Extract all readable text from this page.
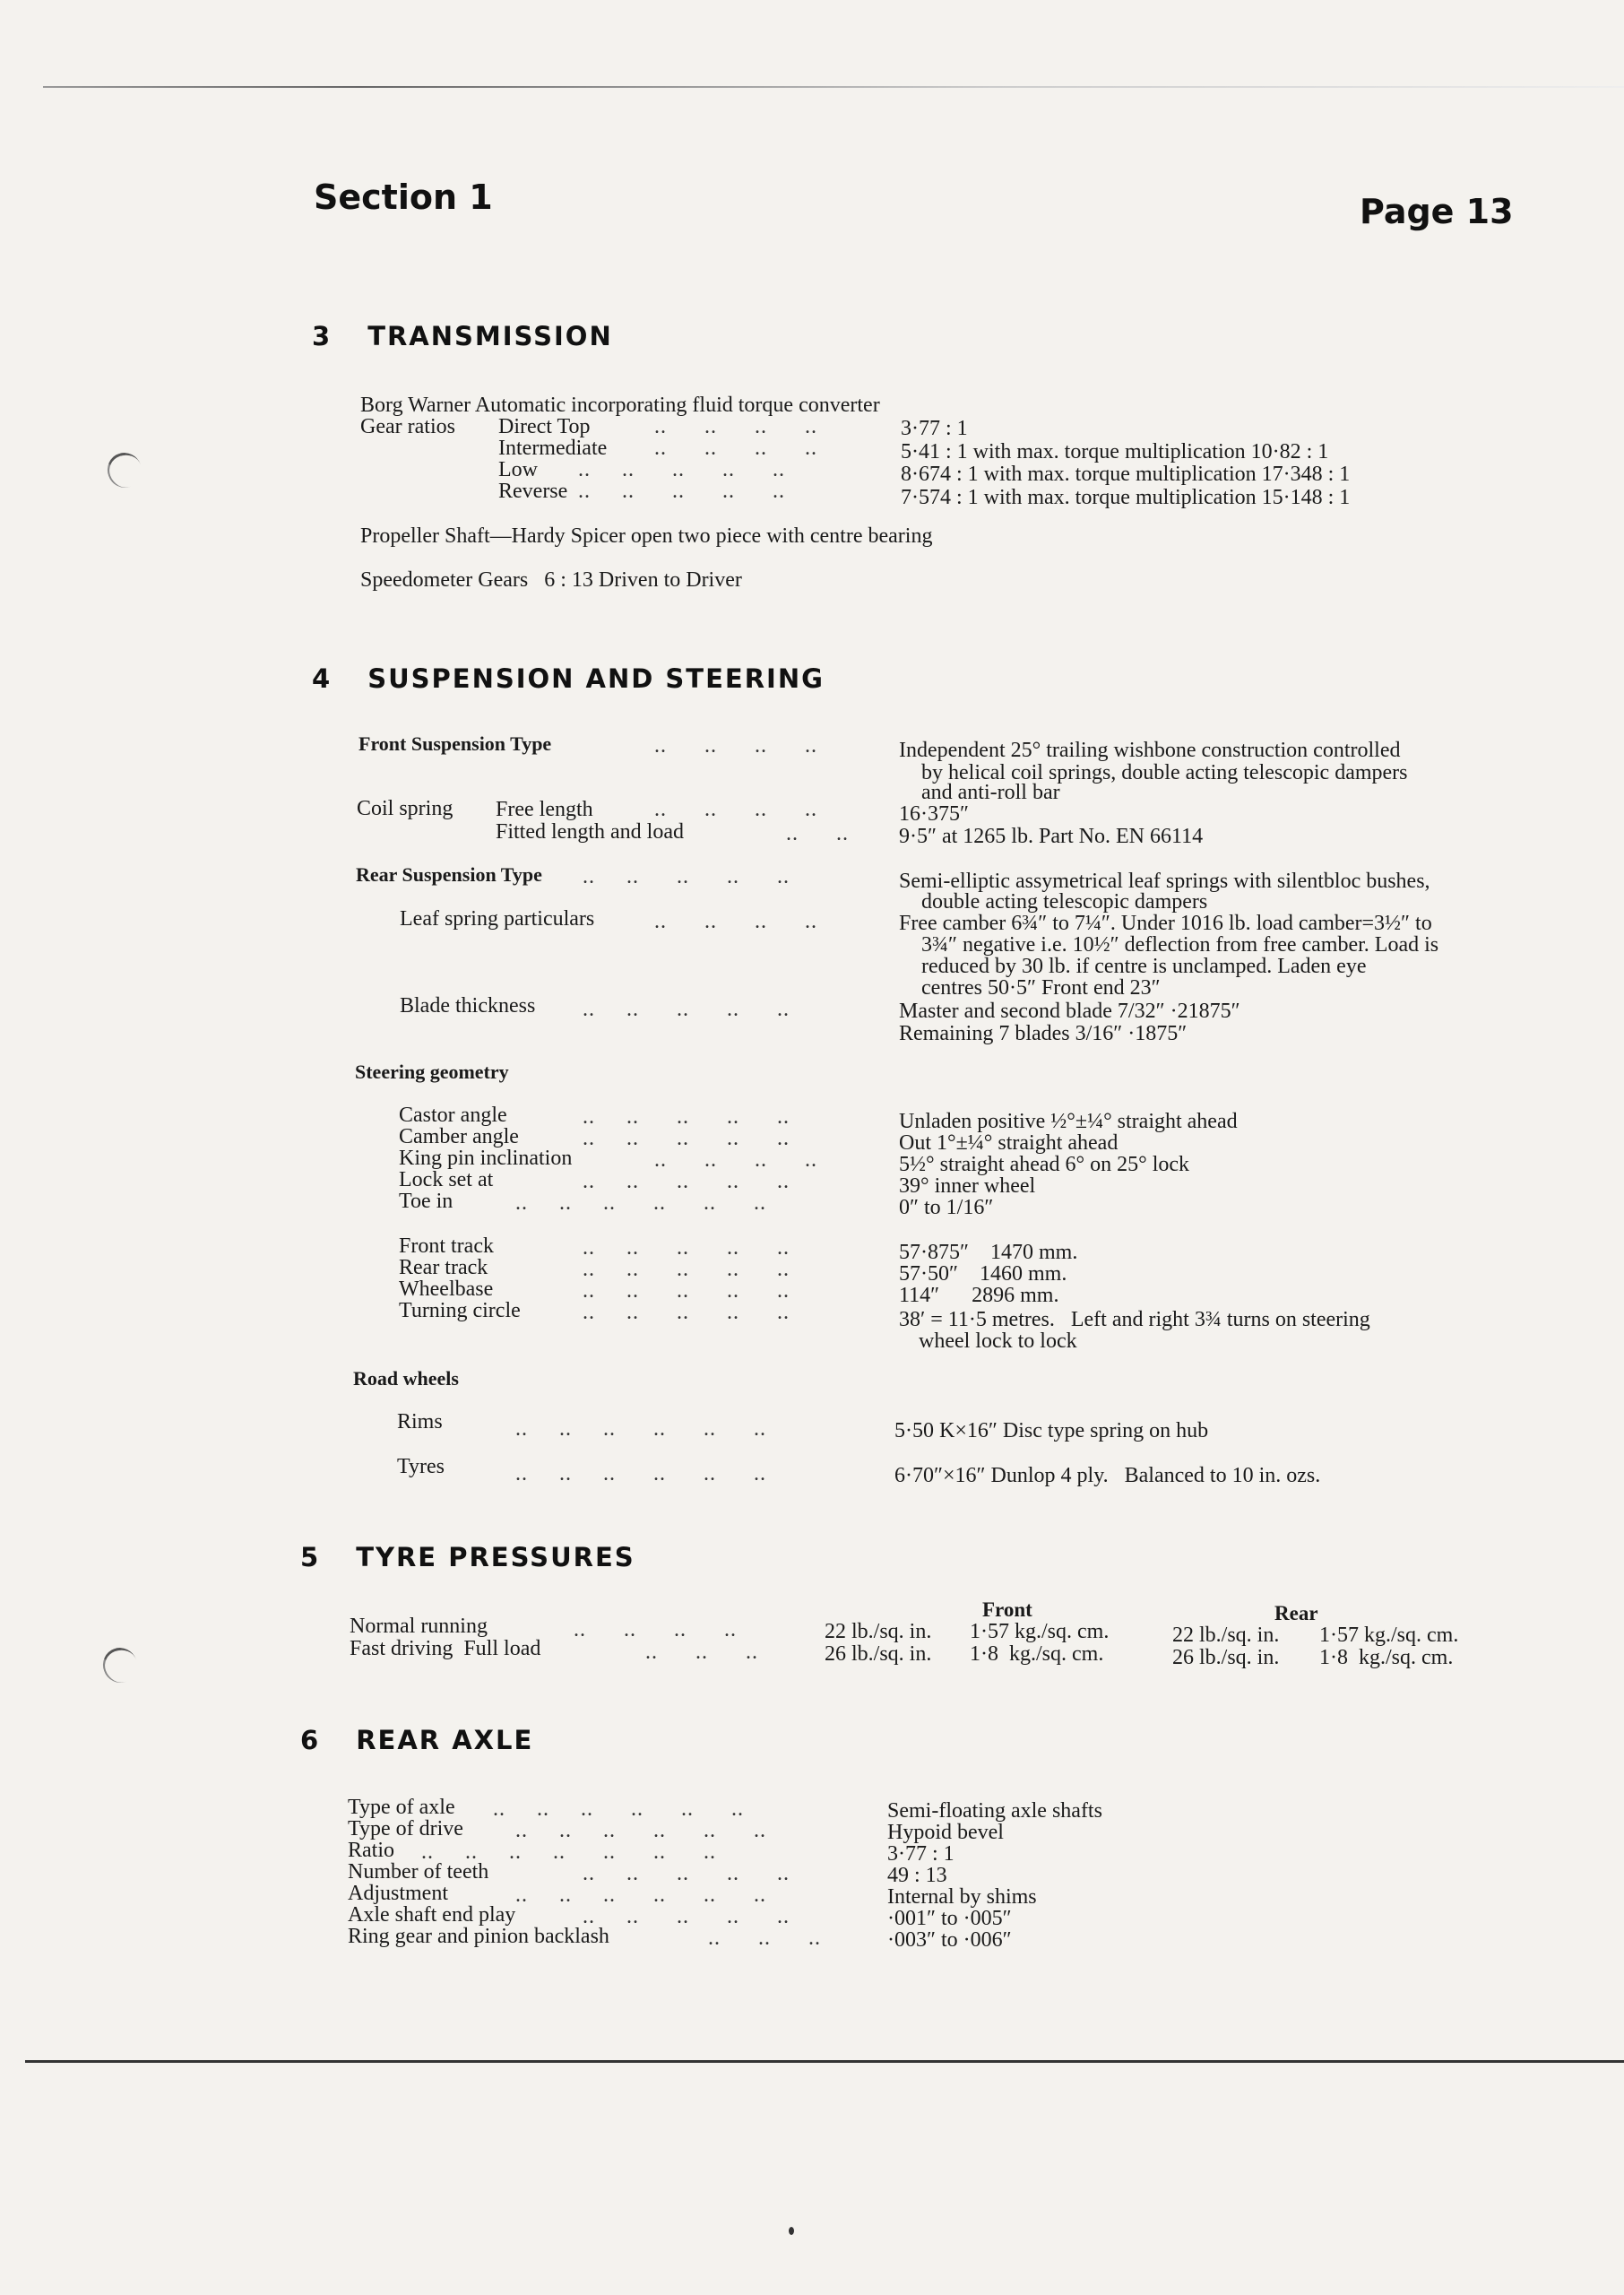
Section 1	Page 13
3 TRANSMISSION
Borg Warner Automatic incorporating fluid torque converter
Gear ratios Direct Top	..      ..      ..      ..	3·77 : 1
Intermediate ..      ..      ..      ..	5·41 : 1 with max. torque multiplication 10·82 : 1
Low ..     ..      ..      ..      ..	8·674 : 1 with max. torque multiplication 17·348 : 1
Reverse ..     ..      ..      ..      ..	7·574 : 1 with max. torque multiplication 15·148 : 1
Propeller Shaft—Hardy Spicer open two piece with centre bearing
Speedometer Gears   6 : 13 Driven to Driver
4 SUSPENSION AND STEERING
Front Suspension Type	..      ..      ..      ..	Independent 25° trailing wishbone construction controlled
by helical coil springs, double acting telescopic dampers
and anti-roll bar
Coil spring Free length	..      ..      ..      ..	16·375″
Fitted length and load	..      .. 9·5″ at 1265 lb. Part No. EN 66114
Rear Suspension Type ..     ..      ..      ..      ..	Semi-elliptic assymetrical leaf springs with silentbloc bushes,
double acting telescopic dampers
Leaf spring particulars	..      ..      ..      ..	Free camber 6¾″ to 7¼″. Under 1016 lb. load camber=3½″ to
3¾″ negative i.e. 10½″ deflection from free camber. Load is
reduced by 30 lb. if centre is unclamped. Laden eye
centres 50·5″ Front end 23″
Blade thickness ..     ..      ..      ..      ..	Master and second blade 7/32″ ·21875″
Remaining 7 blades 3/16″ ·1875″
Steering geometry
Castor angle	..     ..      ..      ..      ..	Unladen positive ½°±¼° straight ahead
Camber angle	..     ..      ..      ..      ..	Out 1°±¼° straight ahead
King pin inclination	..      ..      ..      ..	5½° straight ahead 6° on 25° lock
Lock set at	..     ..      ..      ..      ..	39° inner wheel
Toe in	..     ..     ..      ..      ..      ..	0″ to 1/16″
Front track	..     ..      ..      ..      ..	57·875″    1470 mm.
Rear track	..     ..      ..      ..      ..	57·50″    1460 mm.
Wheelbase	..     ..      ..      ..      ..	114″      2896 mm.
Turning circle	..     ..      ..      ..      ..	38′ = 11·5 metres.   Left and right 3¾ turns on steering
wheel lock to lock
Road wheels
Rims	..     ..     ..      ..      ..      ..	5·50 K×16″ Disc type spring on hub
Tyres	..     ..     ..      ..      ..      ..	6·70″×16″ Dunlop 4 ply.   Balanced to 10 in. ozs.
5 TYRE PRESSURES
Front	Rear
Normal running	..      ..      ..      ..	22 lb./sq. in. 1·57 kg./sq. cm.	22 lb./sq. in. 1·57 kg./sq. cm.
Fast driving  Full load	..      ..      ..	26 lb./sq. in. 1·8  kg./sq. cm.	26 lb./sq. in. 1·8  kg./sq. cm.
6 REAR AXLE
Type of axle ..     ..     ..      ..      ..      ..	Semi-floating axle shafts
Type of drive ..     ..     ..      ..      ..      ..	Hypoid bevel
Ratio ..     ..     ..     ..      ..      ..      ..	3·77 : 1
Number of teeth	..     ..      ..      ..      ..	49 : 13
Adjustment	..     ..     ..      ..      ..      ..	Internal by shims
Axle shaft end play	..     ..      ..      ..      ..	·001″ to ·005″
Ring gear and pinion backlash	..      ..      ..	·003″ to ·006″
